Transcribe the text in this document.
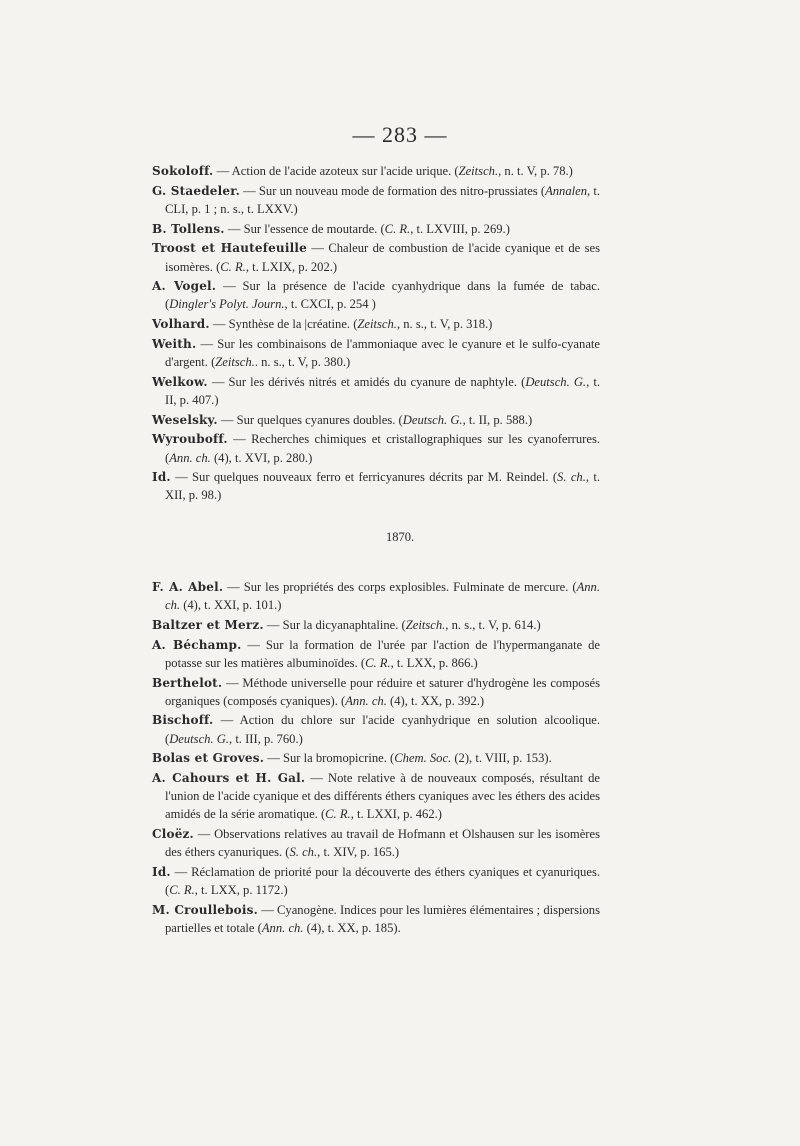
— 283 —

Sokoloff. — Action de l'acide azoteux sur l'acide urique. (Zeitsch., n. t. V, p. 78.)

G. Staedeler. — Sur un nouveau mode de formation des nitro-prussiates (Annalen, t. CLI, p. 1 ; n. s., t. LXXV.)

B. Tollens. — Sur l'essence de moutarde. (C. R., t. LXVIII, p. 269.)

Troost et Hautefeuille — Chaleur de combustion de l'acide cyanique et de ses isomères. (C. R., t. LXIX, p. 202.)

A. Vogel. — Sur la présence de l'acide cyanhydrique dans la fumée de tabac. (Dingler's Polyt. Journ., t. CXCI, p. 254 )

Volhard. — Synthèse de la |créatine. (Zeitsch., n. s., t. V, p. 318.)

Weith. — Sur les combinaisons de l'ammoniaque avec le cyanure et le sulfo-cyanate d'argent. (Zeitsch.. n. s., t. V, p. 380.)

Welkow. — Sur les dérivés nitrés et amidés du cyanure de naphtyle. (Deutsch. G., t. II, p. 407.)

Weselsky. — Sur quelques cyanures doubles. (Deutsch. G., t. II, p. 588.)

Wyrouboff. — Recherches chimiques et cristallographiques sur les cyanoferrures. (Ann. ch. (4), t. XVI, p. 280.)

Id. — Sur quelques nouveaux ferro et ferricyanures décrits par M. Reindel. (S. ch., t. XII, p. 98.)

1870.

F. A. Abel. — Sur les propriétés des corps explosibles. Fulminate de mercure. (Ann. ch. (4), t. XXI, p. 101.)

Baltzer et Merz. — Sur la dicyanaphtaline. (Zeitsch., n. s., t. V, p. 614.)

A. Béchamp. — Sur la formation de l'urée par l'action de l'hypermanganate de potasse sur les matières albuminoïdes. (C. R., t. LXX, p. 866.)

Berthelot. — Méthode universelle pour réduire et saturer d'hydrogène les composés organiques (composés cyaniques). (Ann. ch. (4), t. XX, p. 392.)

Bischoff. — Action du chlore sur l'acide cyanhydrique en solution alcoolique. (Deutsch. G., t. III, p. 760.)

Bolas et Groves. — Sur la bromopicrine. (Chem. Soc. (2), t. VIII, p. 153).

A. Cahours et H. Gal. — Note relative à de nouveaux composés, résultant de l'union de l'acide cyanique et des différents éthers cyaniques avec les éthers des acides amidés de la série aromatique. (C. R., t. LXXI, p. 462.)

Cloëz. — Observations relatives au travail de Hofmann et Olshausen sur les isomères des éthers cyanuriques. (S. ch., t. XIV, p. 165.)

Id. — Réclamation de priorité pour la découverte des éthers cyaniques et cyanuriques. (C. R., t. LXX, p. 1172.)

M. Croullebois. — Cyanogène. Indices pour les lumières élémentaires ; dispersions partielles et totale (Ann. ch. (4), t. XX, p. 185).
